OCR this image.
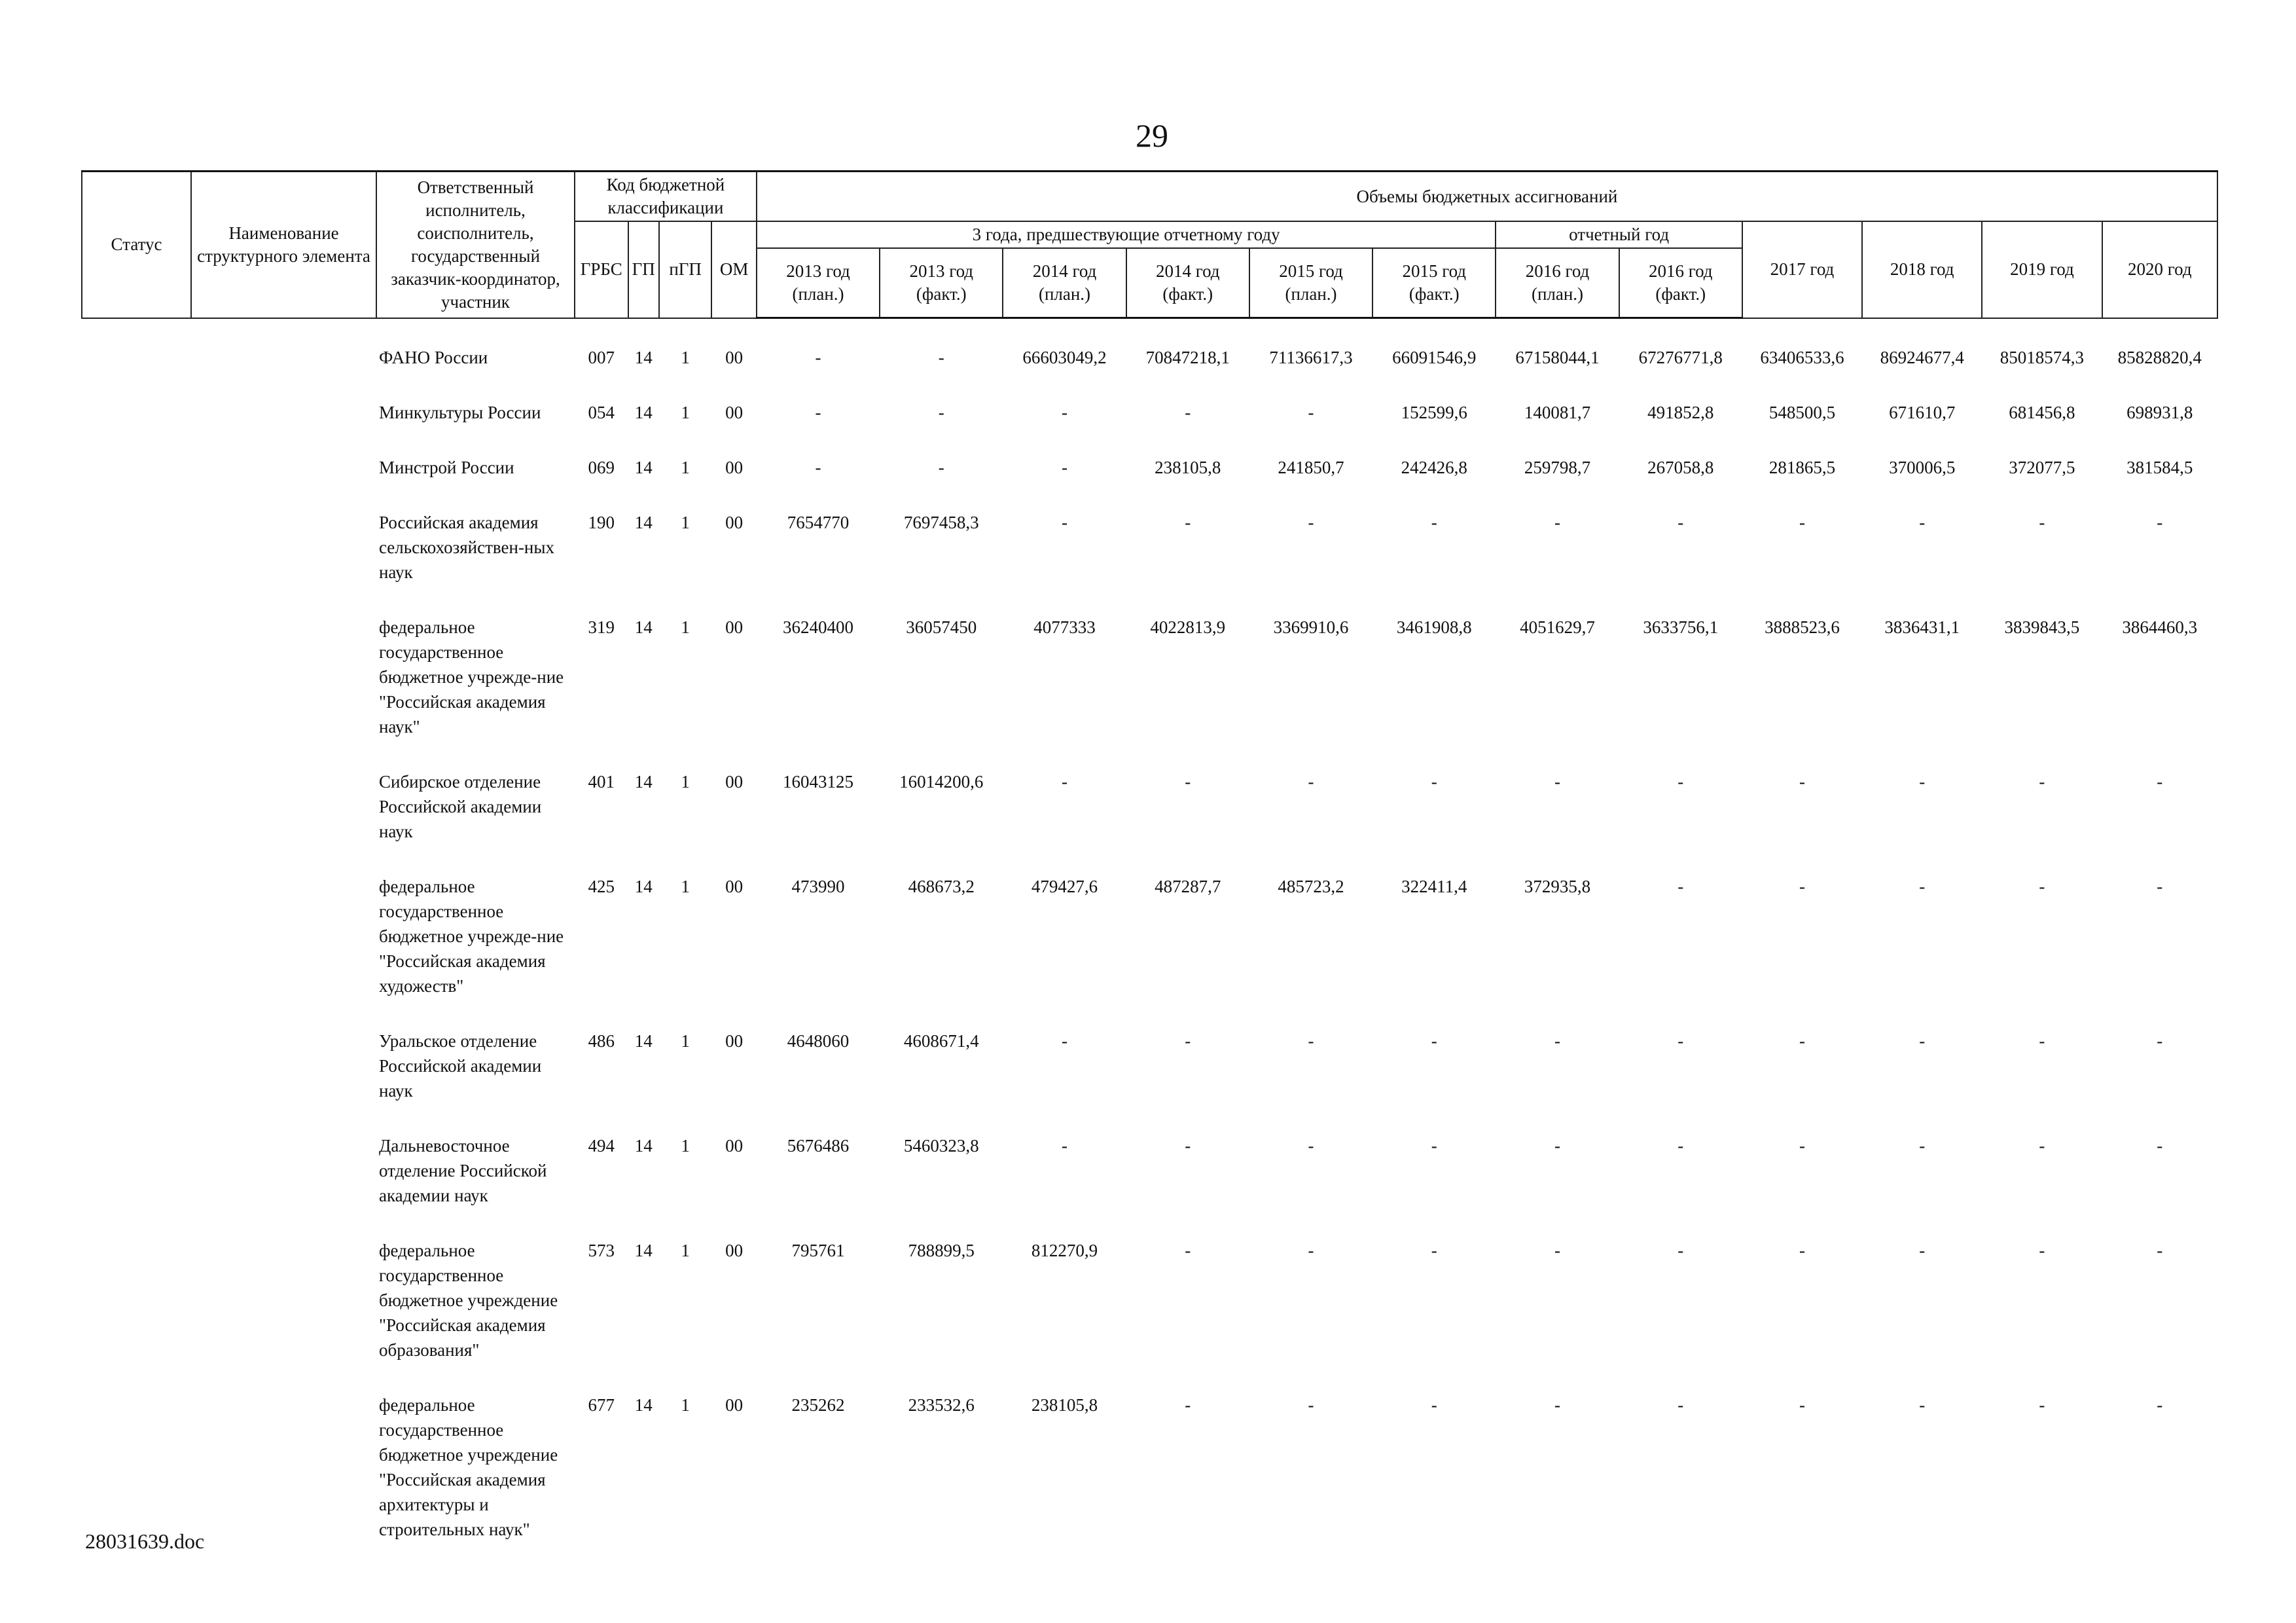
29
Статус	Наименование структурного элемента	Ответственный исполнитель, соисполнитель, государственный заказчик-координатор, участник	Код бюджетной классификации				Объемы бюджетных ассигнований											
			ГРБС	ГП	пГП	ОМ	3 года, предшествующие отчетному году						отчетный год		2017 год	2018 год	2019 год	2020 год
							2013 год (план.)	2013 год (факт.)	2014 год (план.)	2014 год (факт.)	2015 год (план.)	2015 год (факт.)	2016 год (план.)	2016 год (факт.)				
		ФАНО России	007	14	1	00	-	-	66603049,2	70847218,1	71136617,3	66091546,9	67158044,1	67276771,8	63406533,6	86924677,4	85018574,3	85828820,4
		Минкультуры России	054	14	1	00	-	-	-	-	-	152599,6	140081,7	491852,8	548500,5	671610,7	681456,8	698931,8
		Минстрой России	069	14	1	00	-	-	-	238105,8	241850,7	242426,8	259798,7	267058,8	281865,5	370006,5	372077,5	381584,5
		Российская академия сельскохозяйствен-ных наук	190	14	1	00	7654770	7697458,3	-	-	-	-	-	-	-	-	-	-
		федеральное государственное бюджетное учрежде-ние "Российская академия наук"	319	14	1	00	36240400	36057450	4077333	4022813,9	3369910,6	3461908,8	4051629,7	3633756,1	3888523,6	3836431,1	3839843,5	3864460,3
		Сибирское отделение Российской академии наук	401	14	1	00	16043125	16014200,6	-	-	-	-	-	-	-	-	-	-
		федеральное государственное бюджетное учрежде-ние "Российская академия художеств"	425	14	1	00	473990	468673,2	479427,6	487287,7	485723,2	322411,4	372935,8	-	-	-	-	-
		Уральское отделение Российской академии наук	486	14	1	00	4648060	4608671,4	-	-	-	-	-	-	-	-	-	-
		Дальневосточное отделение Российской академии наук	494	14	1	00	5676486	5460323,8	-	-	-	-	-	-	-	-	-	-
		федеральное государственное бюджетное учреждение "Российская академия образования"	573	14	1	00	795761	788899,5	812270,9	-	-	-	-	-	-	-	-	-
		федеральное государственное бюджетное учреждение "Российская академия архитектуры и строительных наук"	677	14	1	00	235262	233532,6	238105,8	-	-	-	-	-	-	-	-	-
28031639.doc
